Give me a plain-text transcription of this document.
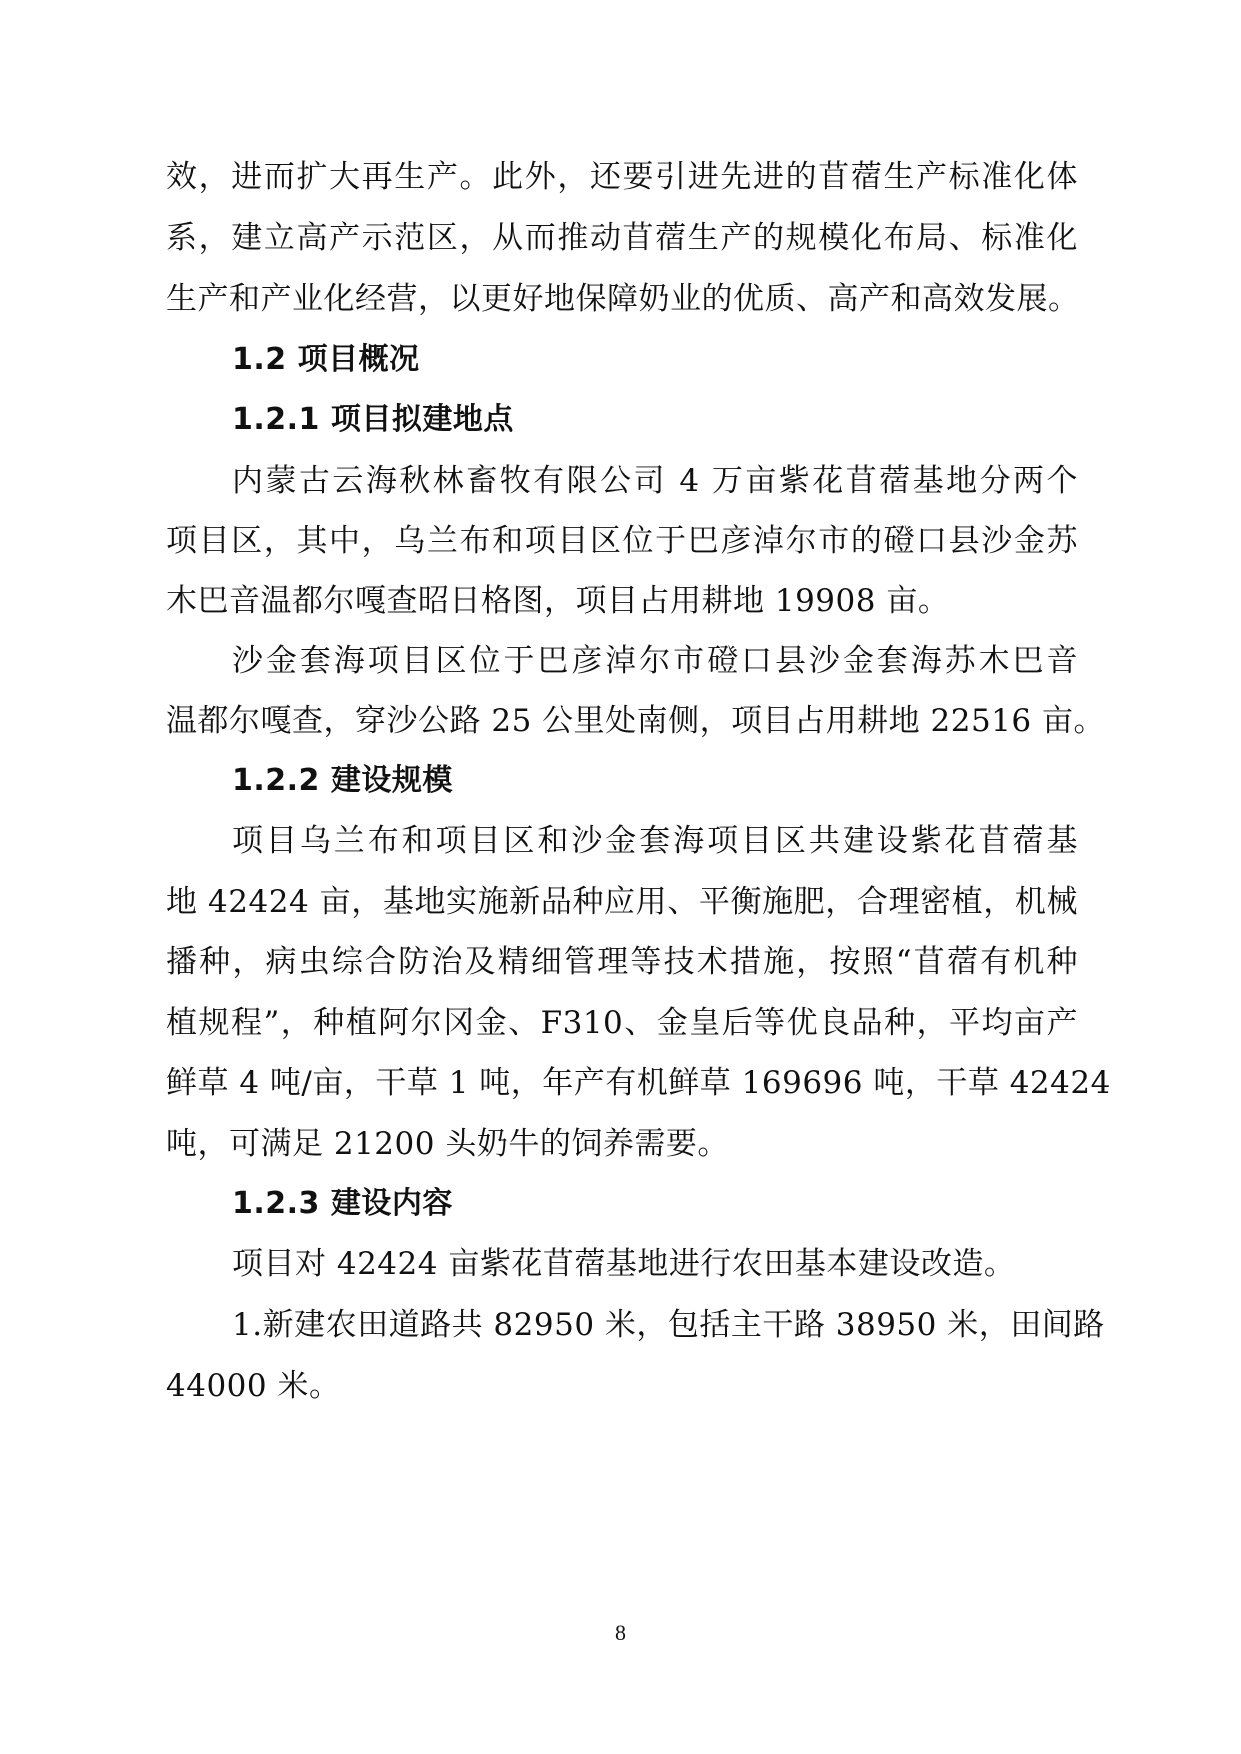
效，进而扩大再生产。此外，还要引进先进的苜蓿生产标准化体
系，建立高产示范区，从而推动苜蓿生产的规模化布局、标准化
生产和产业化经营，以更好地保障奶业的优质、高产和高效发展。
1.2 项目概况
1.2.1 项目拟建地点
内蒙古云海秋林畜牧有限公司 4 万亩紫花苜蓿基地分两个
项目区，其中，乌兰布和项目区位于巴彦淖尔市的磴口县沙金苏
木巴音温都尔嘎查昭日格图，项目占用耕地 19908 亩。
沙金套海项目区位于巴彦淖尔市磴口县沙金套海苏木巴音
温都尔嘎查，穿沙公路 25 公里处南侧，项目占用耕地 22516 亩。
1.2.2 建设规模
项目乌兰布和项目区和沙金套海项目区共建设紫花苜蓿基
地 42424 亩，基地实施新品种应用、平衡施肥，合理密植，机械
播种，病虫综合防治及精细管理等技术措施，按照“苜蓿有机种
植规程”，种植阿尔冈金、F310、金皇后等优良品种，平均亩产
鲜草 4 吨/亩，干草 1 吨，年产有机鲜草 169696 吨，干草 42424
吨，可满足 21200 头奶牛的饲养需要。
1.2.3 建设内容
项目对 42424 亩紫花苜蓿基地进行农田基本建设改造。
1.新建农田道路共 82950 米，包括主干路 38950 米，田间路
44000 米。
8
